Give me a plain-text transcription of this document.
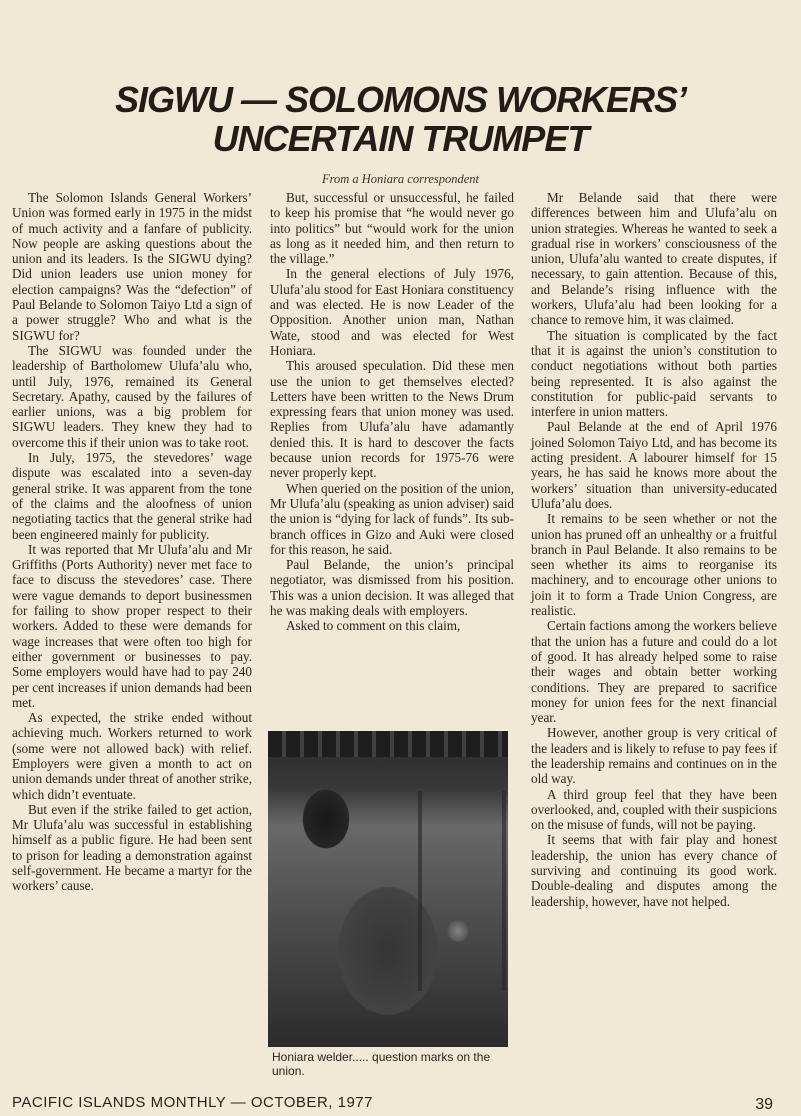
SIGWU — SOLOMONS WORKERS’
UNCERTAIN TRUMPET
From a Honiara correspondent

The Solomon Islands General Workers’ Union was formed early in 1975 in the midst of much activity and a fanfare of publicity. Now people are asking questions about the union and its leaders. Is the SIGWU dying? Did union leaders use union money for election campaigns? Was the “defection” of Paul Belande to Solomon Taiyo Ltd a sign of a power struggle? Who and what is the SIGWU for?

The SIGWU was founded under the leadership of Bartholomew Ulufa’alu who, until July, 1976, remained its General Secretary. Apathy, caused by the failures of earlier unions, was a big problem for SIGWU leaders. They knew they had to overcome this if their union was to take root.

In July, 1975, the stevedores’ wage dispute was escalated into a seven-day general strike. It was apparent from the tone of the claims and the aloofness of union negotiating tactics that the general strike had been engineered mainly for publicity.

It was reported that Mr Ulufa’alu and Mr Griffiths (Ports Authority) never met face to face to discuss the stevedores’ case. There were vague demands to deport businessmen for failing to show proper respect to their workers. Added to these were demands for wage increases that were often too high for either government or businesses to pay. Some employers would have had to pay 240 per cent increases if union demands had been met.

As expected, the strike ended without achieving much. Workers returned to work (some were not allowed back) with relief. Employers were given a month to act on union demands under threat of another strike, which didn’t eventuate.

But even if the strike failed to get action, Mr Ulufa’alu was successful in establishing himself as a public figure. He had been sent to prison for leading a demonstration against self-government. He became a martyr for the workers’ cause.

But, successful or unsuccessful, he failed to keep his promise that “he would never go into politics” but “would work for the union as long as it needed him, and then return to the village.”

In the general elections of July 1976, Ulufa’alu stood for East Honiara constituency and was elected. He is now Leader of the Opposition. Another union man, Nathan Wate, stood and was elected for West Honiara.

This aroused speculation. Did these men use the union to get themselves elected? Letters have been written to the News Drum expressing fears that union money was used. Replies from Ulufa’alu have adamantly denied this. It is hard to descover the facts because union records for 1975-76 were never properly kept.

When queried on the position of the union, Mr Ulufa’alu (speaking as union adviser) said the union is “dying for lack of funds”. Its sub-branch offices in Gizo and Auki were closed for this reason, he said.

Paul Belande, the union’s principal negotiator, was dismissed from his position. This was a union decision. It was alleged that he was making deals with employers.

Asked to comment on this claim,

Honiara welder..... question marks on the union.

Mr Belande said that there were differences between him and Ulufa’alu on union strategies. Whereas he wanted to seek a gradual rise in workers’ consciousness of the union, Ulufa’alu wanted to create disputes, if necessary, to gain attention. Because of this, and Belande’s rising influence with the workers, Ulufa’alu had been looking for a chance to remove him, it was claimed.

The situation is complicated by the fact that it is against the union’s constitution to conduct negotiations without both parties being represented. It is also against the constitution for public-paid servants to interfere in union matters.

Paul Belande at the end of April 1976 joined Solomon Taiyo Ltd, and has become its acting president. A labourer himself for 15 years, he has said he knows more about the workers’ situation than university-educated Ulufa’alu does.

It remains to be seen whether or not the union has pruned off an unhealthy or a fruitful branch in Paul Belande. It also remains to be seen whether its aims to reorganise its machinery, and to encourage other unions to join it to form a Trade Union Congress, are realistic.

Certain factions among the workers believe that the union has a future and could do a lot of good. It has already helped some to raise their wages and obtain better working conditions. They are prepared to sacrifice money for union fees for the next financial year.

However, another group is very critical of the leaders and is likely to refuse to pay fees if the leadership remains and continues on in the old way.

A third group feel that they have been overlooked, and, coupled with their suspicions on the misuse of funds, will not be paying.

It seems that with fair play and honest leadership, the union has every chance of surviving and continuing its good work. Double-dealing and disputes among the leadership, however, have not helped.

PACIFIC ISLANDS MONTHLY — OCTOBER, 1977	39
